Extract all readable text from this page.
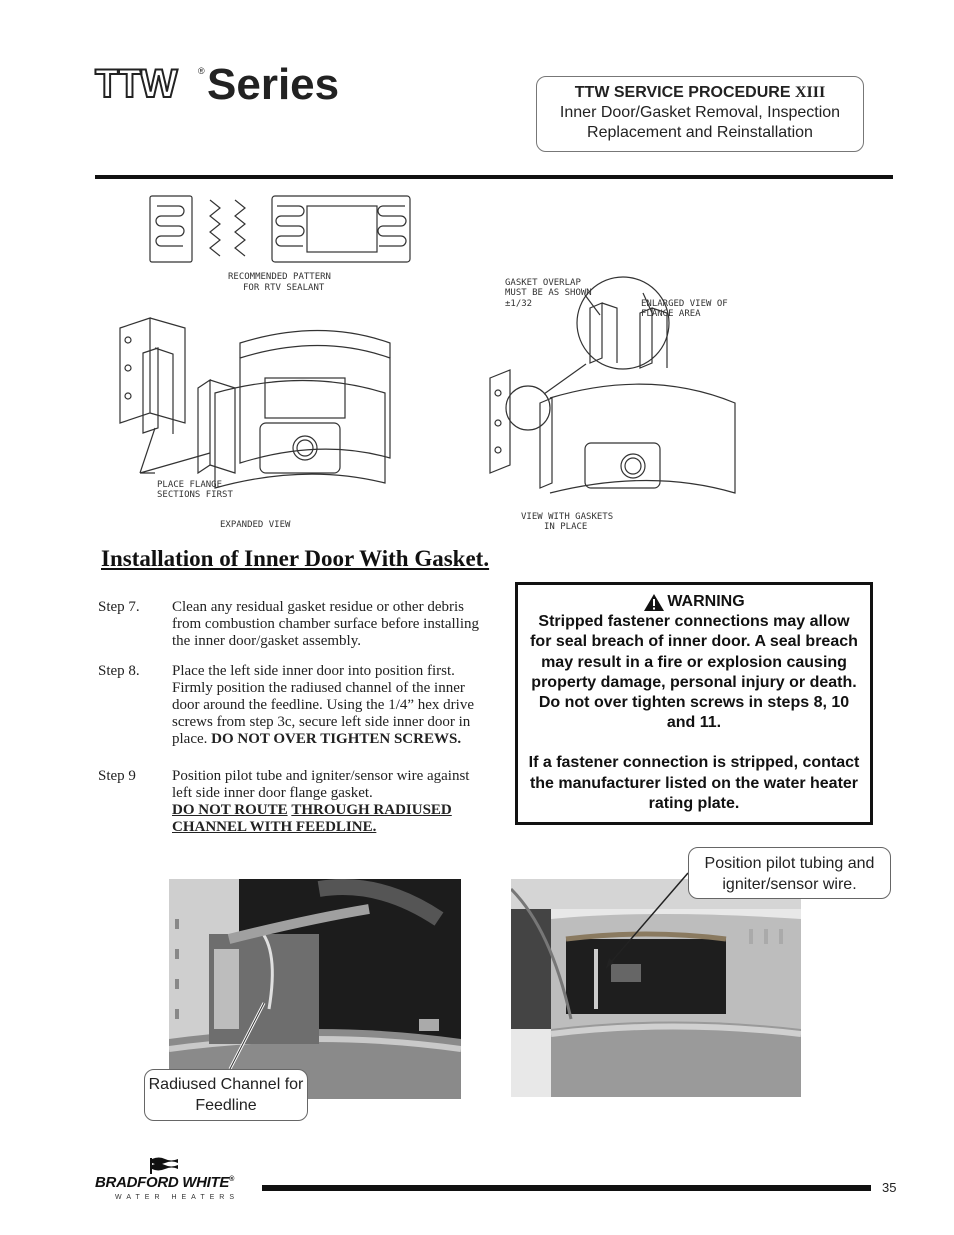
TTW ® Series	TTW SERVICE PROCEDURE XIII
Inner Door/Gasket Removal, Inspection
Replacement and Reinstallation
RECOMMENDED PATTERN
FOR RTV SEALANT
PLACE FLANGE
SECTIONS FIRST
EXPANDED VIEW
GASKET OVERLAP
MUST BE AS SHOWN
±1/32	ENLARGED VIEW OF
FLANGE AREA
VIEW WITH GASKETS
IN PLACE
Installation of Inner Door With Gasket.
Step 7.	Clean any residual gasket residue or other debris from combustion chamber surface before installing the inner door/gasket assembly.
Step 8.	Place the left side inner door into position first. Firmly position the radiused channel of the inner door around the feedline. Using the 1/4” hex drive screws from step 3c, secure left side inner door in place. DO NOT OVER TIGHTEN SCREWS.
Step 9	Position pilot tube and igniter/sensor wire against left side inner door flange gasket.
DO NOT ROUTE THROUGH RADIUSED CHANNEL WITH FEEDLINE.
WARNING
Stripped fastener connections may allow for seal breach of inner door. A seal breach may result in a fire or explosion causing property damage, personal injury or death. Do not over tighten screws in steps 8, 10 and 11.
If a fastener connection is stripped, contact the manufacturer listed on the water heater rating plate.
Radiused Channel for Feedline
Position pilot tubing and igniter/sensor wire.
BRADFORD WHITE®
WATER HEATERS
35
